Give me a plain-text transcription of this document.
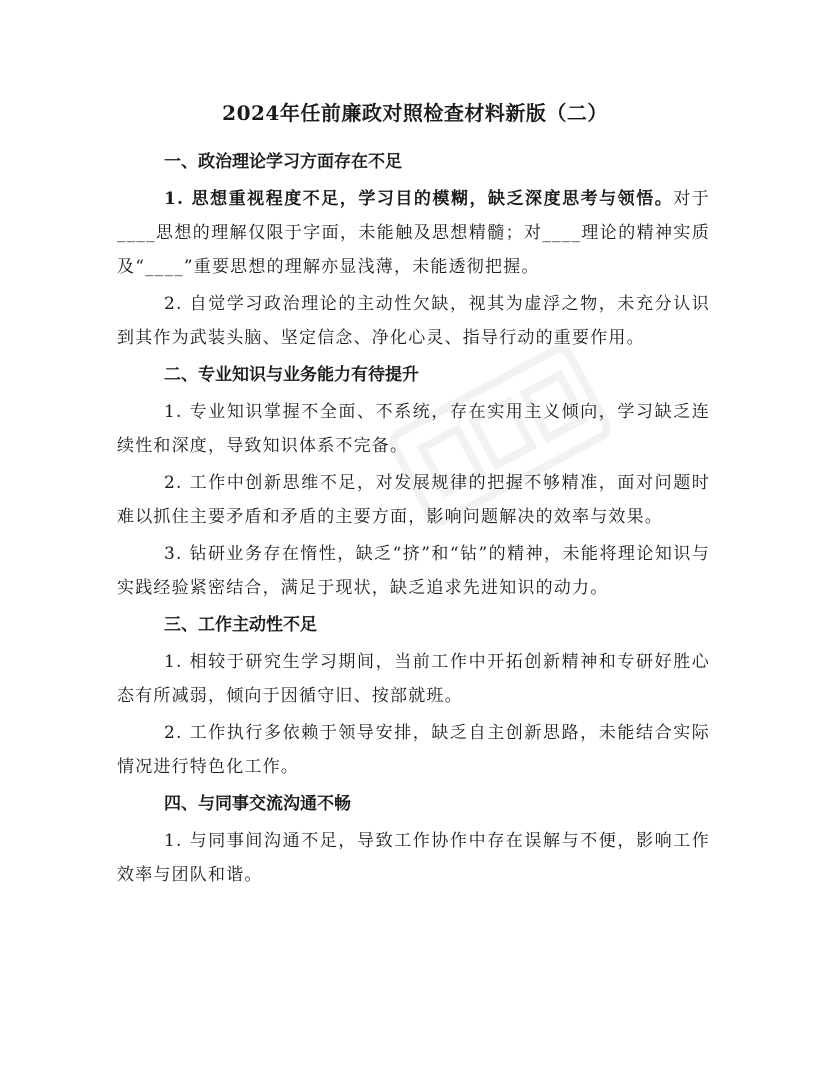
2024年任前廉政对照检查材料新版（二）
一、政治理论学习方面存在不足

1. 思想重视程度不足，学习目的模糊，缺乏深度思考与领悟。对于____思想的理解仅限于字面，未能触及思想精髓；对____理论的精神实质及“____”重要思想的理解亦显浅薄，未能透彻把握。

2. 自觉学习政治理论的主动性欠缺，视其为虚浮之物，未充分认识到其作为武装头脑、坚定信念、净化心灵、指导行动的重要作用。

二、专业知识与业务能力有待提升

1. 专业知识掌握不全面、不系统，存在实用主义倾向，学习缺乏连续性和深度，导致知识体系不完备。

2. 工作中创新思维不足，对发展规律的把握不够精准，面对问题时难以抓住主要矛盾和矛盾的主要方面，影响问题解决的效率与效果。

3. 钻研业务存在惰性，缺乏“挤”和“钻”的精神，未能将理论知识与实践经验紧密结合，满足于现状，缺乏追求先进知识的动力。

三、工作主动性不足

1. 相较于研究生学习期间，当前工作中开拓创新精神和专研好胜心态有所减弱，倾向于因循守旧、按部就班。

2. 工作执行多依赖于领导安排，缺乏自主创新思路，未能结合实际情况进行特色化工作。

四、与同事交流沟通不畅

1. 与同事间沟通不足，导致工作协作中存在误解与不便，影响工作效率与团队和谐。
